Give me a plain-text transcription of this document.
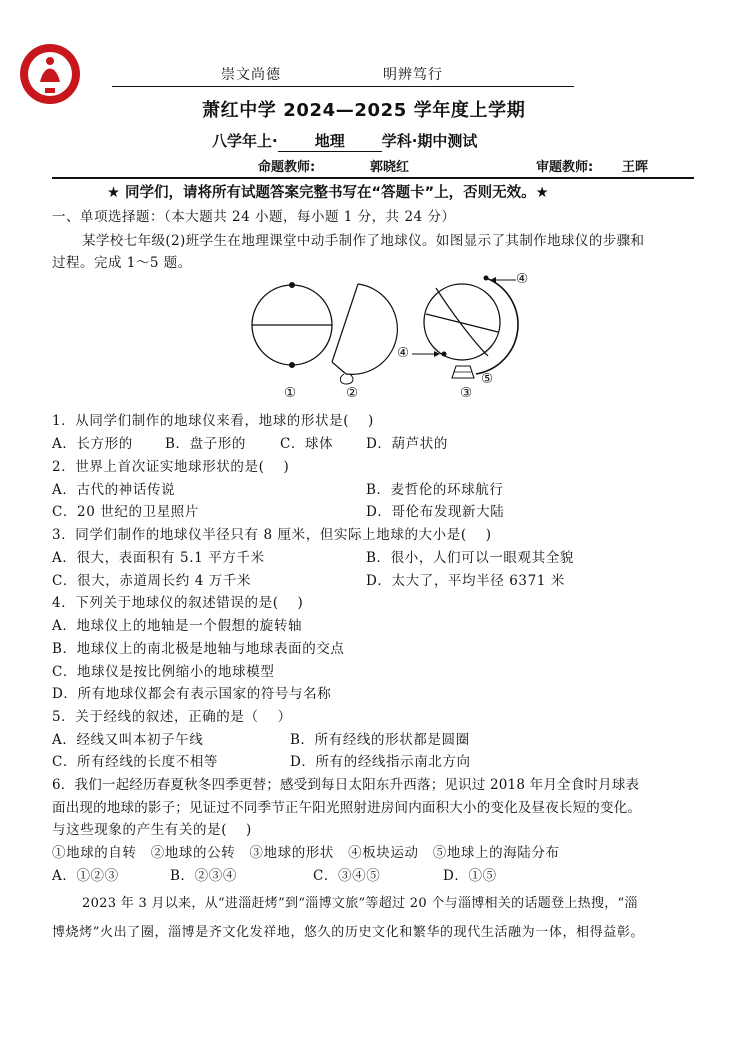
崇文尚德	明辨笃行
萧红中学 2024—2025 学年度上学期
八学年上· 地理 学科·期中测试
命题教师:	郭晓红	审题教师: 王晖
★ 同学们，请将所有试题答案完整书写在“答题卡”上，否则无效。★
一、单项选择题：（本大题共 24 小题，每小题 1 分，共 24 分）
某学校七年级(2)班学生在地理课堂中动手制作了地球仪。如图显示了其制作地球仪的步骤和
过程。完成 1～5 题。
①	②	③
④
④
⑤
1．从同学们制作的地球仪来看，地球的形状是(　 )
A．长方形的 B．盘子形的	C．球体 D．葫芦状的
2．世界上首次证实地球形状的是(　 )
A．古代的神话传说	B．麦哲伦的环球航行
C．20 世纪的卫星照片	D．哥伦布发现新大陆
3．同学们制作的地球仪半径只有 8 厘米，但实际上地球的大小是(　 )
A．很大，表面积有 5.1 平方千米	B．很小，人们可以一眼观其全貌
C．很大，赤道周长约 4 万千米	D．太大了，平均半径 6371 米
4．下列关于地球仪的叙述错误的是(　 )
A．地球仪上的地轴是一个假想的旋转轴
B．地球仪上的南北极是地轴与地球表面的交点
C．地球仪是按比例缩小的地球模型
D．所有地球仪都会有表示国家的符号与名称
5．关于经线的叙述，正确的是（　 ）
A．经线又叫本初子午线	B．所有经线的形状都是圆圈
C．所有经线的长度不相等	D．所有的经线指示南北方向
6．我们一起经历春夏秋冬四季更替；感受到每日太阳东升西落；见识过 2018 年月全食时月球表
面出现的地球的影子；见证过不同季节正午阳光照射进房间内面积大小的变化及昼夜长短的变化。
与这些现象的产生有关的是(　 )
①地球的自转　②地球的公转　③地球的形状　④板块运动　⑤地球上的海陆分布
A．①②③	B．②③④	C．③④⑤	D．①⑤
2023 年 3 月以来，从“进淄赶烤”到“淄博文旅”等超过 20 个与淄博相关的话题登上热搜，“淄
博烧烤”火出了圈，淄博是齐文化发祥地，悠久的历史文化和繁华的现代生活融为一体，相得益彰。
